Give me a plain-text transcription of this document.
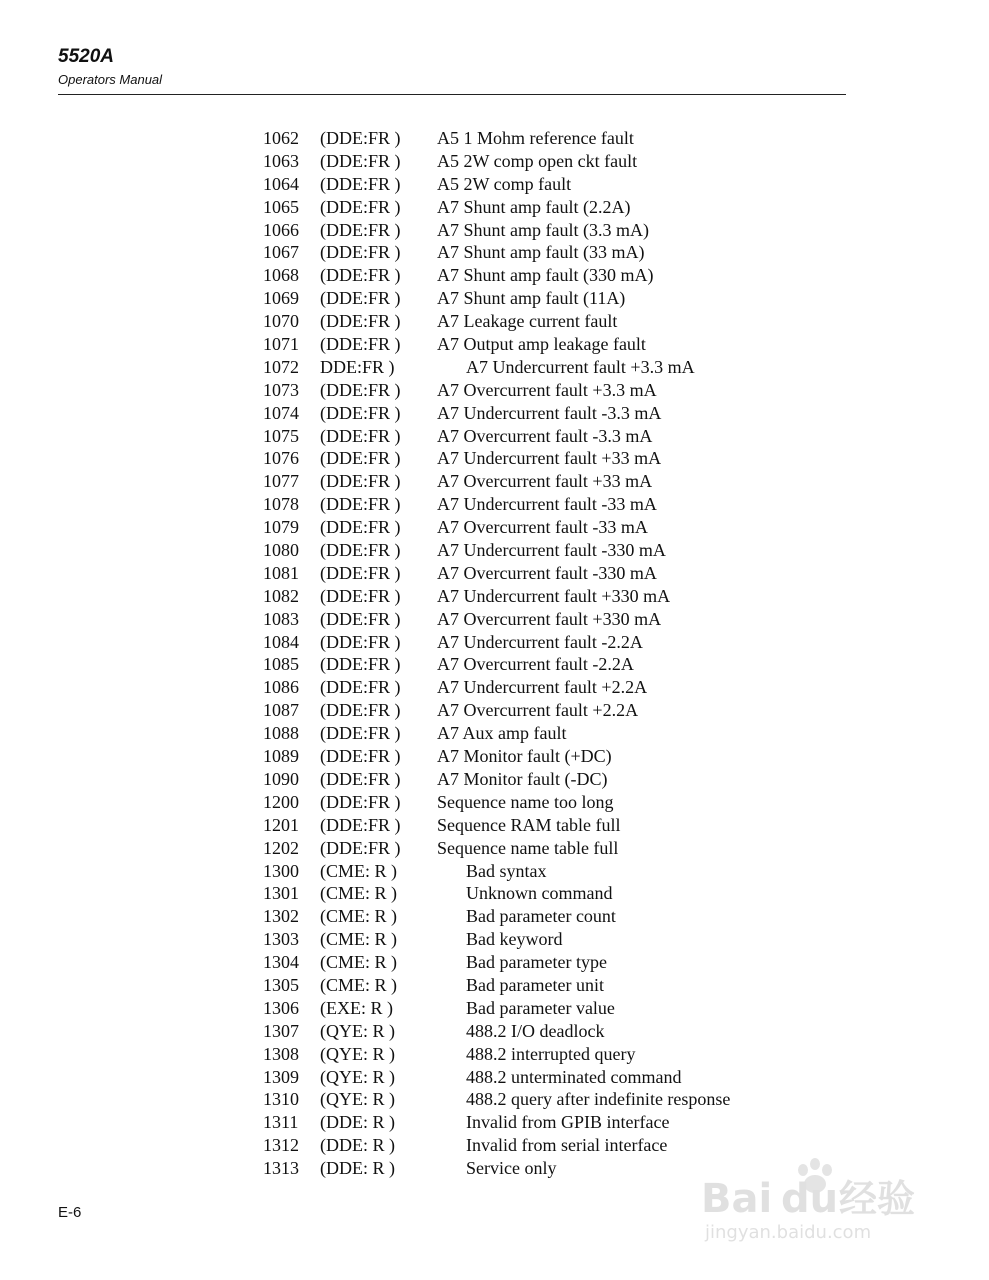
5520A
Operators Manual
1062 (DDE:FR ) A5 1 Mohm reference fault
1063 (DDE:FR ) A5 2W comp open ckt fault
1064 (DDE:FR ) A5 2W comp fault
1065 (DDE:FR ) A7 Shunt amp fault (2.2A)
1066 (DDE:FR ) A7 Shunt amp fault (3.3 mA)
1067 (DDE:FR ) A7 Shunt amp fault (33 mA)
1068 (DDE:FR ) A7 Shunt amp fault (330 mA)
1069 (DDE:FR ) A7 Shunt amp fault (11A)
1070 (DDE:FR ) A7 Leakage current fault
1071 (DDE:FR ) A7 Output amp leakage fault
1072 DDE:FR )	A7 Undercurrent fault +3.3 mA
1073 (DDE:FR ) A7 Overcurrent fault +3.3 mA
1074 (DDE:FR ) A7 Undercurrent fault -3.3 mA
1075 (DDE:FR ) A7 Overcurrent fault -3.3 mA
1076 (DDE:FR ) A7 Undercurrent fault +33 mA
1077 (DDE:FR ) A7 Overcurrent fault +33 mA
1078 (DDE:FR ) A7 Undercurrent fault -33 mA
1079 (DDE:FR ) A7 Overcurrent fault -33 mA
1080 (DDE:FR ) A7 Undercurrent fault -330 mA
1081 (DDE:FR ) A7 Overcurrent fault -330 mA
1082 (DDE:FR ) A7 Undercurrent fault +330 mA
1083 (DDE:FR ) A7 Overcurrent fault +330 mA
1084 (DDE:FR ) A7 Undercurrent fault -2.2A
1085 (DDE:FR ) A7 Overcurrent fault -2.2A
1086 (DDE:FR ) A7 Undercurrent fault +2.2A
1087 (DDE:FR ) A7 Overcurrent fault +2.2A
1088 (DDE:FR ) A7 Aux amp fault
1089 (DDE:FR ) A7 Monitor fault (+DC)
1090 (DDE:FR ) A7 Monitor fault (-DC)
1200 (DDE:FR ) Sequence name too long
1201 (DDE:FR ) Sequence RAM table full
1202 (DDE:FR ) Sequence name table full
1300 (CME: R )	Bad syntax
1301 (CME: R )	Unknown command
1302 (CME: R )	Bad parameter count
1303 (CME: R )	Bad keyword
1304 (CME: R )	Bad parameter type
1305 (CME: R )	Bad parameter unit
1306 (EXE: R )	Bad parameter value
1307 (QYE: R )	488.2 I/O deadlock
1308 (QYE: R )	488.2 interrupted query
1309 (QYE: R )	488.2 unterminated command
1310 (QYE: R )	488.2 query after indefinite response
1311 (DDE: R )	Invalid from GPIB interface
1312 (DDE: R )	Invalid from serial interface
1313 (DDE: R )	Service only
E-6	Bai du 经验
jingyan.baidu.com
